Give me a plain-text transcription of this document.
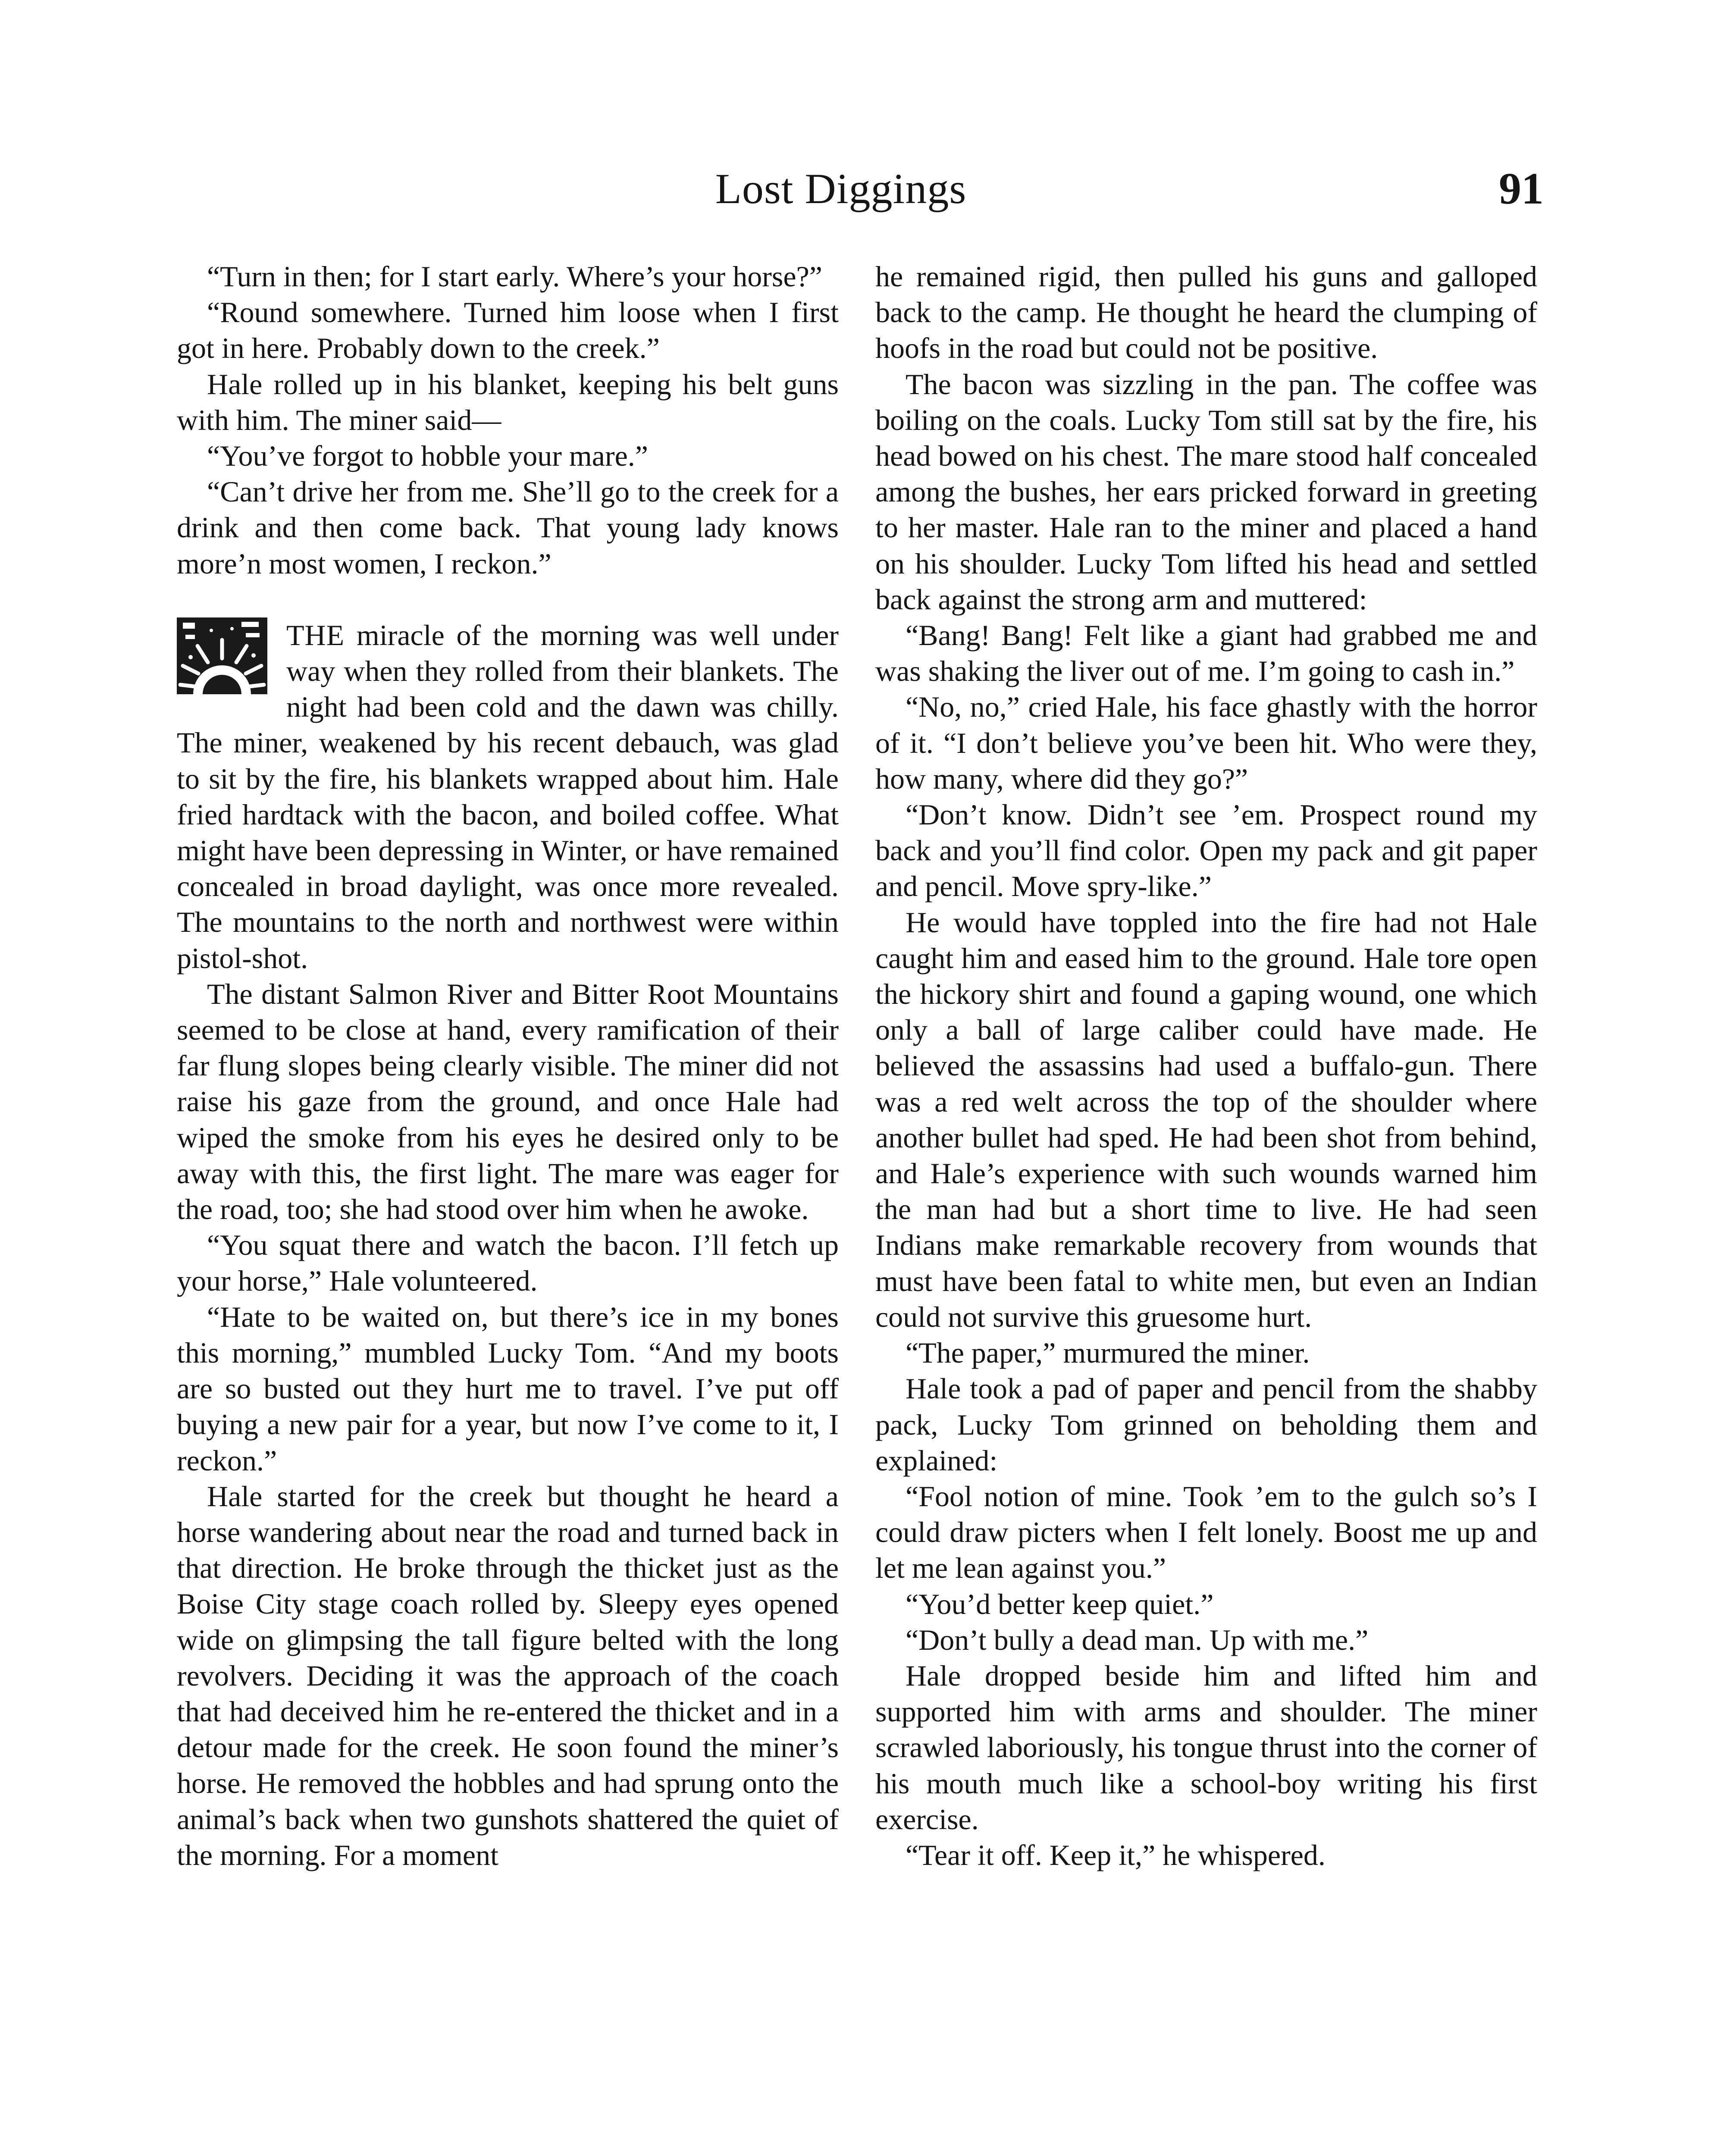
Lost Diggings	91

“Turn in then; for I start early. Where’s your horse?”

“Round somewhere. Turned him loose when I first got in here. Probably down to the creek.”

Hale rolled up in his blanket, keeping his belt guns with him. The miner said—

“You’ve forgot to hobble your mare.”

“Can’t drive her from me. She’ll go to the creek for a drink and then come back. That young lady knows more’n most women, I reckon.”

THE miracle of the morning was well under way when they rolled from their blankets. The night had been cold and the dawn was chilly. The miner, weakened by his recent debauch, was glad to sit by the fire, his blankets wrapped about him. Hale fried hardtack with the bacon, and boiled coffee. What might have been depressing in Winter, or have remained concealed in broad daylight, was once more revealed. The mountains to the north and northwest were within pistol-shot.

The distant Salmon River and Bitter Root Mountains seemed to be close at hand, every ramification of their far flung slopes being clearly visible. The miner did not raise his gaze from the ground, and once Hale had wiped the smoke from his eyes he desired only to be away with this, the first light. The mare was eager for the road, too; she had stood over him when he awoke.

“You squat there and watch the bacon. I’ll fetch up your horse,” Hale volunteered.

“Hate to be waited on, but there’s ice in my bones this morning,” mumbled Lucky Tom. “And my boots are so busted out they hurt me to travel. I’ve put off buying a new pair for a year, but now I’ve come to it, I reckon.”

Hale started for the creek but thought he heard a horse wandering about near the road and turned back in that direction. He broke through the thicket just as the Boise City stage coach rolled by. Sleepy eyes opened wide on glimpsing the tall figure belted with the long revolvers. Deciding it was the approach of the coach that had deceived him he re-entered the thicket and in a detour made for the creek. He soon found the miner’s horse. He removed the hobbles and had sprung onto the animal’s back when two gunshots shattered the quiet of the morning. For a moment

he remained rigid, then pulled his guns and galloped back to the camp. He thought he heard the clumping of hoofs in the road but could not be positive.

The bacon was sizzling in the pan. The coffee was boiling on the coals. Lucky Tom still sat by the fire, his head bowed on his chest. The mare stood half concealed among the bushes, her ears pricked forward in greeting to her master. Hale ran to the miner and placed a hand on his shoulder. Lucky Tom lifted his head and settled back against the strong arm and muttered:

“Bang! Bang! Felt like a giant had grabbed me and was shaking the liver out of me. I’m going to cash in.”

“No, no,” cried Hale, his face ghastly with the horror of it. “I don’t believe you’ve been hit. Who were they, how many, where did they go?”

“Don’t know. Didn’t see ’em. Prospect round my back and you’ll find color. Open my pack and git paper and pencil. Move spry-like.”

He would have toppled into the fire had not Hale caught him and eased him to the ground. Hale tore open the hickory shirt and found a gaping wound, one which only a ball of large caliber could have made. He believed the assassins had used a buffalo-gun. There was a red welt across the top of the shoulder where another bullet had sped. He had been shot from behind, and Hale’s experience with such wounds warned him the man had but a short time to live. He had seen Indians make remarkable recovery from wounds that must have been fatal to white men, but even an Indian could not survive this gruesome hurt.

“The paper,” murmured the miner.

Hale took a pad of paper and pencil from the shabby pack, Lucky Tom grinned on beholding them and explained:

“Fool notion of mine. Took ’em to the gulch so’s I could draw picters when I felt lonely. Boost me up and let me lean against you.”

“You’d better keep quiet.”

“Don’t bully a dead man. Up with me.”

Hale dropped beside him and lifted him and supported him with arms and shoulder. The miner scrawled laboriously, his tongue thrust into the corner of his mouth much like a school-boy writing his first exercise.

“Tear it off. Keep it,” he whispered.
